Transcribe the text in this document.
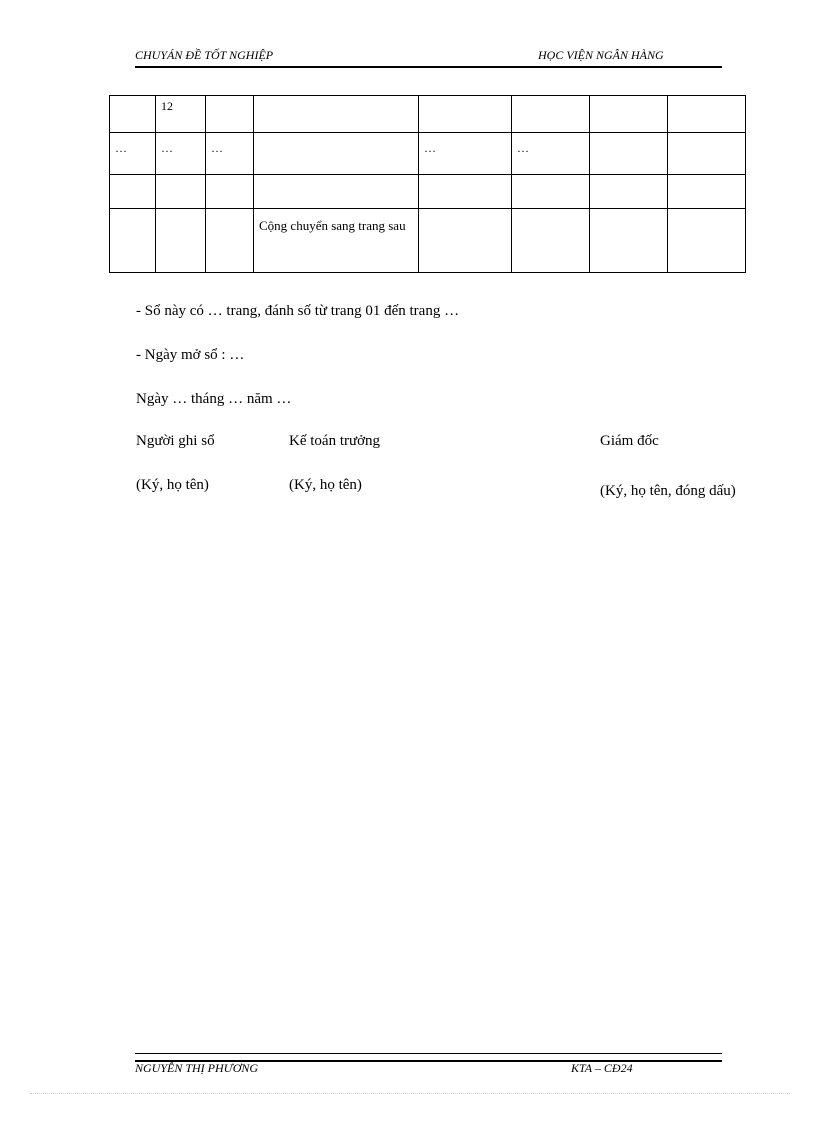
CHUYÁN ĐỀ TỐT NGHIỆP	HỌC VIỆN NGÂN HÀNG
	12						
…	…	…		…	…		

			Cộng chuyển sang trang sau				
- Sổ này có … trang, đánh số từ trang 01 đến trang …
- Ngày mở sổ : …
Ngày … tháng … năm …
Người ghi sổ	Kế toán trưởng	Giám đốc
(Ký, họ tên)	(Ký, họ tên)	(Ký, họ tên, đóng dấu)
NGUYỄN THỊ PHƯƠNG	KTA – CĐ24
